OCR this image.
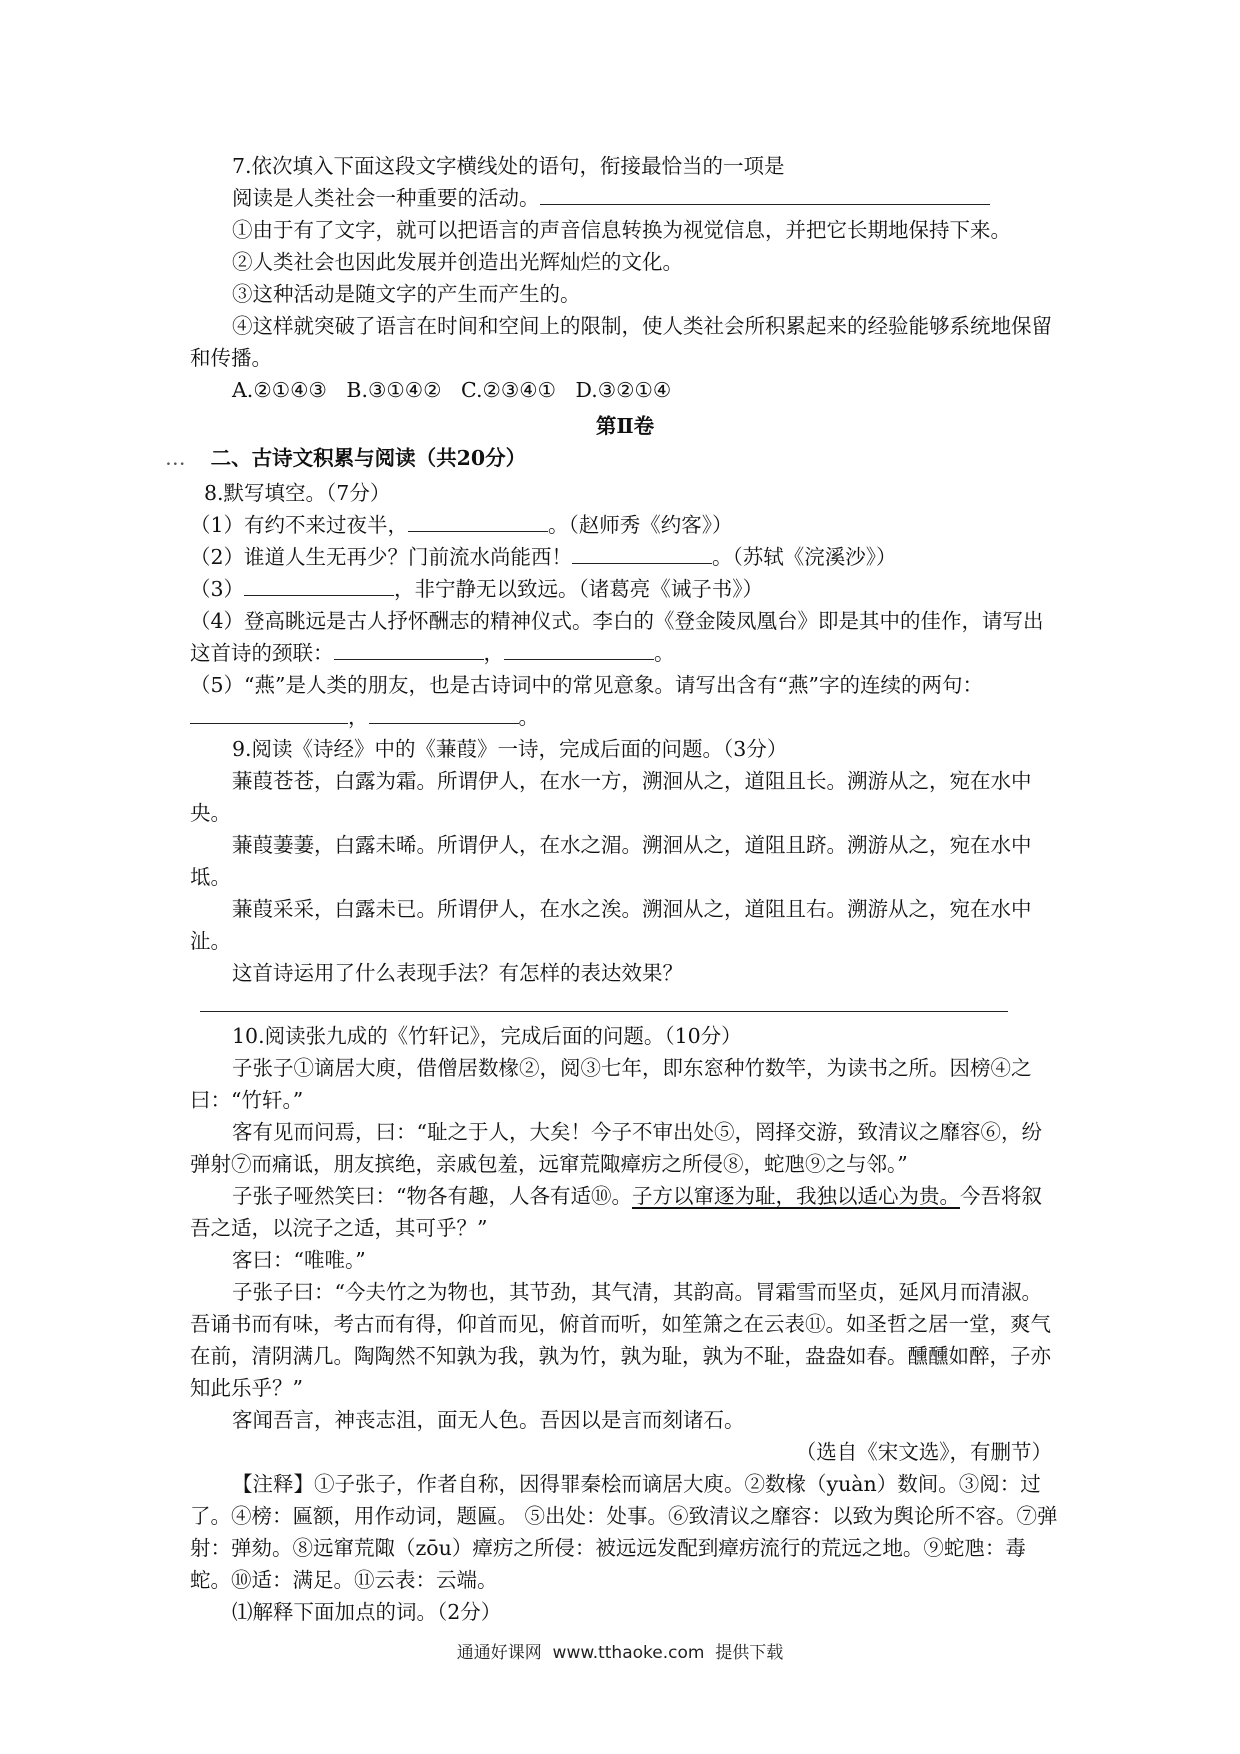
7.依次填入下面这段文字横线处的语句，衔接最恰当的一项是

阅读是人类社会一种重要的活动。

①由于有了文字，就可以把语言的声音信息转换为视觉信息，并把它长期地保持下来。

②人类社会也因此发展并创造出光辉灿烂的文化。

③这种活动是随文字的产生而产生的。

④这样就突破了语言在时间和空间上的限制，使人类社会所积累起来的经验能够系统地保留和传播。

A.②①④③   B.③①④②   C.②③④①   D.③②①④

第Ⅱ卷

... 二、古诗文积累与阅读（共20分）

8.默写填空。（7分）

（1）有约不来过夜半，	。（赵师秀《约客》）

（2）谁道人生无再少？门前流水尚能西！	。（苏轼《浣溪沙》）

（3）	，非宁静无以致远。（诸葛亮《诫子书》）

（4）登高眺远是古人抒怀酬志的精神仪式。李白的《登金陵凤凰台》即是其中的佳作，请写出这首诗的颈联：	，	。

（5）“燕”是人类的朋友，也是古诗词中的常见意象。请写出含有“燕”字的连续的两句：，	。

9.阅读《诗经》中的《蒹葭》一诗，完成后面的问题。（3分）

蒹葭苍苍，白露为霜。所谓伊人，在水一方，溯洄从之，道阻且长。溯游从之，宛在水中央。

蒹葭萋萋，白露未晞。所谓伊人，在水之湄。溯洄从之，道阻且跻。溯游从之，宛在水中坻。

蒹葭采采，白露未已。所谓伊人，在水之涘。溯洄从之，道阻且右。溯游从之，宛在水中沚。

这首诗运用了什么表现手法？有怎样的表达效果？

10.阅读张九成的《竹轩记》，完成后面的问题。（10分）

子张子①谪居大庾，借僧居数椽②，阅③七年，即东窓种竹数竿，为读书之所。因榜④之曰：“竹轩。”

客有见而问焉，曰：“耻之于人，大矣！今子不审出处⑤，罔择交游，致清议之靡容⑥，纷弹射⑦而痛诋，朋友摈绝，亲戚包羞，远窜荒陬瘴疠之所侵⑧，蛇虺⑨之与邻。”

子张子哑然笑曰：“物各有趣，人各有适⑩。子方以窜逐为耻，我独以适心为贵。今吾将叙吾之适，以浣子之适，其可乎？”

客曰：“唯唯。”

子张子曰：“今夫竹之为物也，其节劲，其气清，其韵高。冐霜雪而坚贞，延风月而清淑。吾诵书而有味，考古而有得，仰首而见，俯首而听，如笙箫之在云表⑪。如圣哲之居一堂，爽气在前，清阴满几。陶陶然不知孰为我，孰为竹，孰为耻，孰为不耻，盎盎如春。醺醺如醉，子亦知此乐乎？”

客闻吾言，神丧志沮，面无人色。吾因以是言而刻诸石。

（选自《宋文选》，有删节）

【注释】①子张子，作者自称，因得罪秦桧而谪居大庾。②数椽（yuàn）数间。③阅：过了。④榜：匾额，用作动词，题匾。 ⑤出处：处事。⑥致清议之靡容：以致为舆论所不容。⑦弹射：弹劾。⑧远窜荒陬（zōu）瘴疠之所侵：被远远发配到瘴疠流行的荒远之地。⑨蛇虺：毒蛇。⑩适：满足。⑪云表：云端。

⑴解释下面加点的词。（2分）

通通好课网  www.tthaoke.com  提供下载
